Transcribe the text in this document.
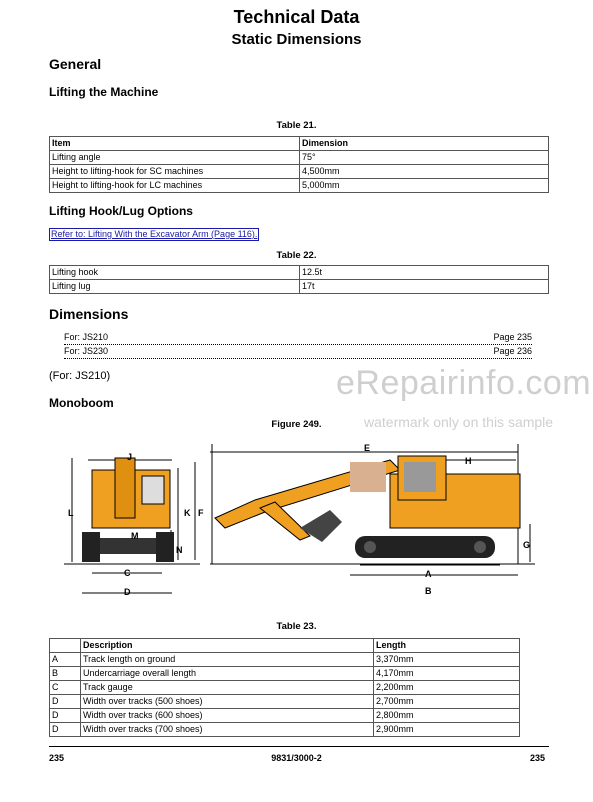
Technical Data
Static Dimensions
General
Lifting the Machine
Table 21.
Item	Dimension
Lifting angle	75°
Height to lifting-hook for SC machines	4,500mm
Height to lifting-hook for LC machines	5,000mm
Lifting Hook/Lug Options
Refer to: Lifting With the Excavator Arm (Page 116).
Table 22.
Lifting hook	12.5t
Lifting lug	17t
Dimensions
For: JS210	Page 235
For: JS230	Page 236
(For: JS210)
Monoboom
eRepairinfo.com
watermark only on this sample
Figure 249.
J
L	K F
M
N
C
D
E
H
G
A
B
Table 23.
	Description	Length
A	Track length on ground	3,370mm
B	Undercarriage overall length	4,170mm
C	Track gauge	2,200mm
D	Width over tracks (500 shoes)	2,700mm
D	Width over tracks (600 shoes)	2,800mm
D	Width over tracks (700 shoes)	2,900mm
235	9831/3000-2	235
